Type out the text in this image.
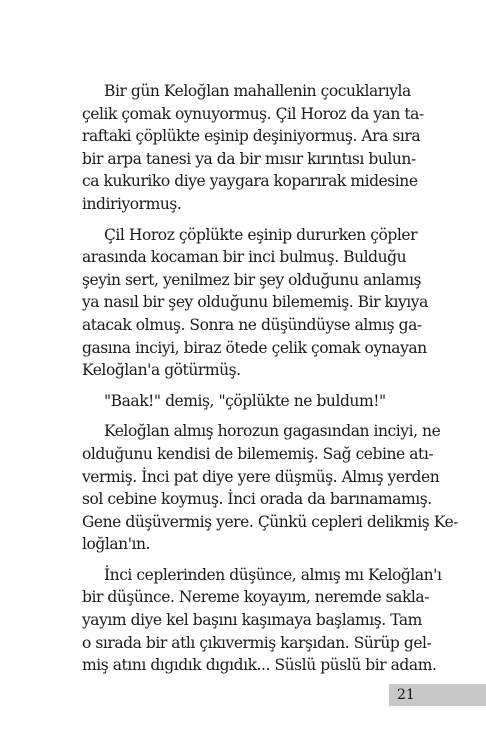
Bir gün Keloğlan mahallenin çocuklarıyla
çelik çomak oynuyormuş. Çil Horoz da yan ta-
raftaki çöplükte eşinip deşiniyormuş. Ara sıra
bir arpa tanesi ya da bir mısır kırıntısı bulun-
ca kukuriko diye yaygara koparırak midesine
indiriyormuş.
Çil Horoz çöplükte eşinip dururken çöpler
arasında kocaman bir inci bulmuş. Bulduğu
şeyin sert, yenilmez bir şey olduğunu anlamış
ya nasıl bir şey olduğunu bilememiş. Bir kıyıya
atacak olmuş. Sonra ne düşündüyse almış ga-
gasına inciyi, biraz ötede çelik çomak oynayan
Keloğlan'a götürmüş.
"Baak!" demiş, "çöplükte ne buldum!"
Keloğlan almış horozun gagasından inciyi, ne
olduğunu kendisi de bilememiş. Sağ cebine atı-
vermiş. İnci pat diye yere düşmüş. Almış yerden
sol cebine koymuş. İnci orada da barınamamış.
Gene düşüvermiş yere. Çünkü cepleri delikmiş Ke-
loğlan'ın.
İnci ceplerinden düşünce, almış mı Keloğlan'ı
bir düşünce. Nereme koyayım, neremde sakla-
yayım diye kel başını kaşımaya başlamış. Tam
o sırada bir atlı çıkıvermiş karşıdan. Sürüp gel-
miş atını dıgıdık dıgıdık... Süslü püslü bir adam.
21
